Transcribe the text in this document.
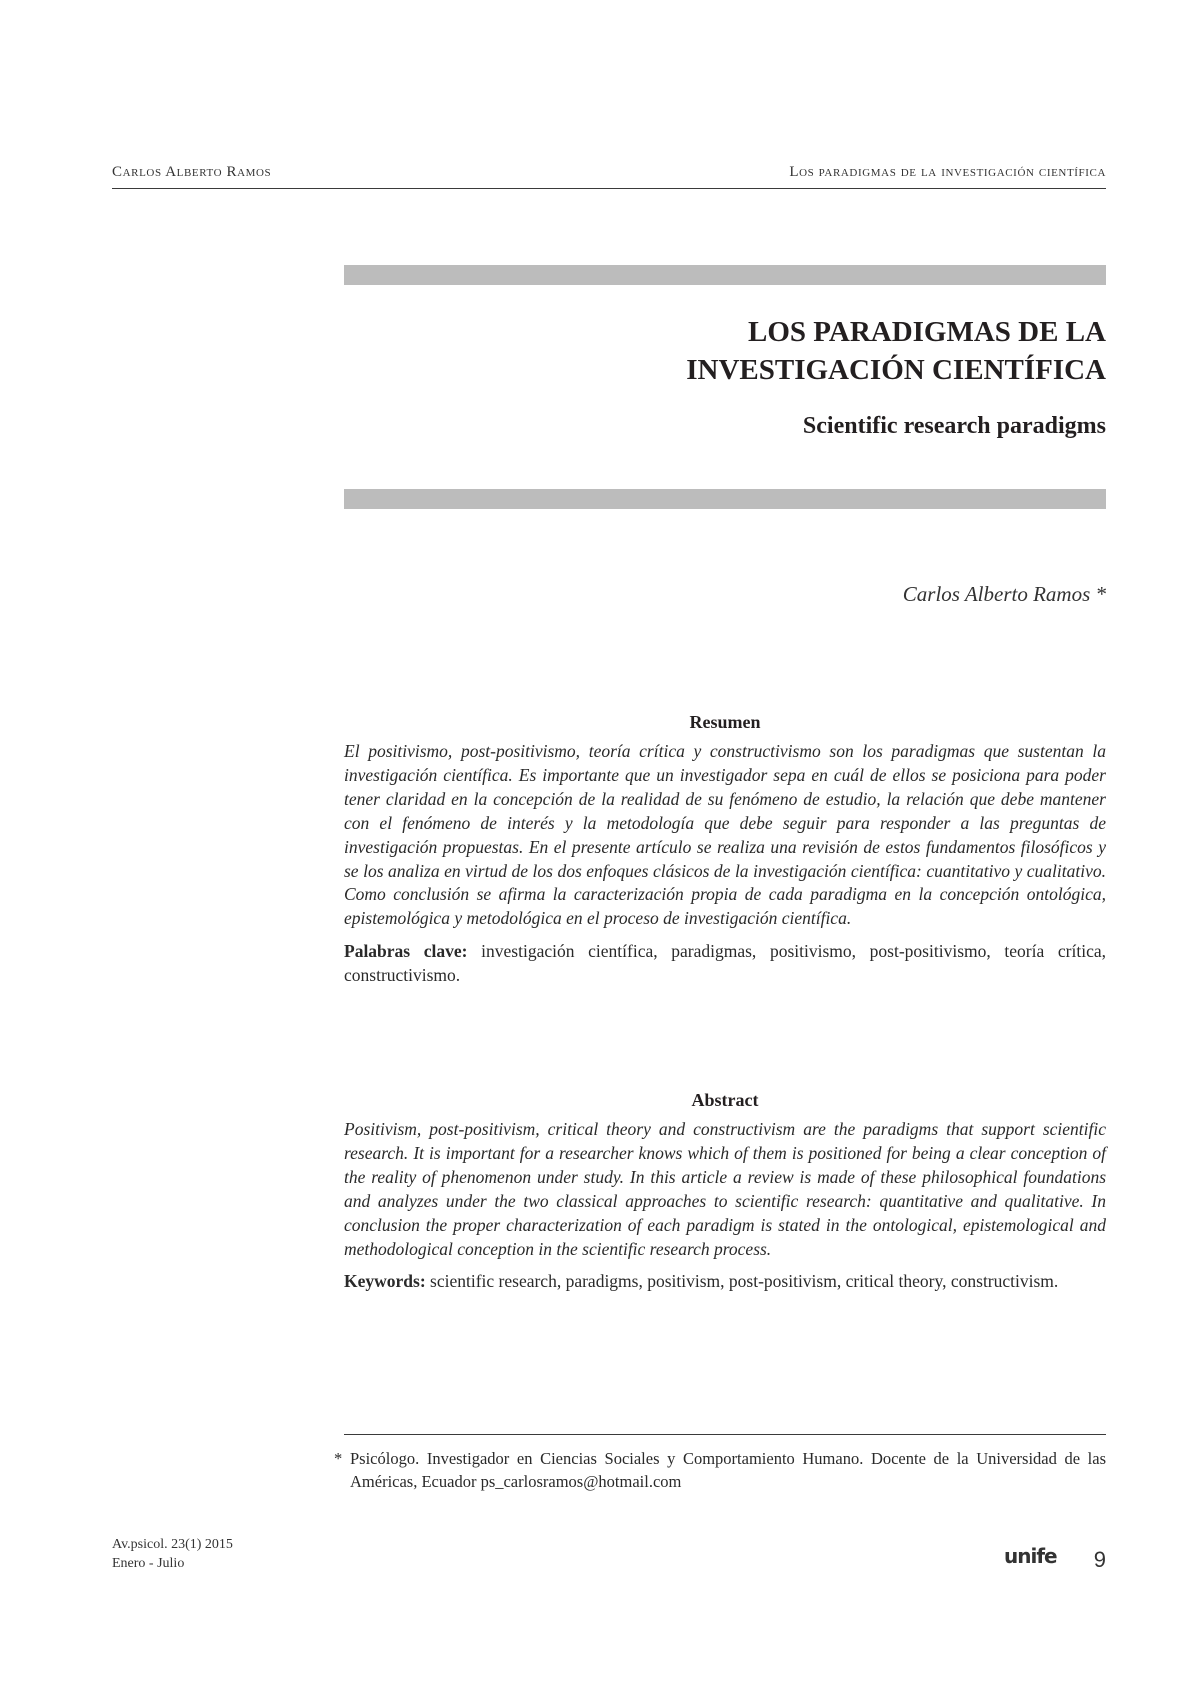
Carlos Alberto Ramos	Los paradigmas de la investigación científica
LOS PARADIGMAS DE LA
INVESTIGACIÓN CIENTÍFICA
Scientific research paradigms
Carlos Alberto Ramos *
Resumen
El positivismo, post-positivismo, teoría crítica y constructivismo son los paradigmas que sustentan la investigación científica. Es importante que un investigador sepa en cuál de ellos se posiciona para poder tener claridad en la concepción de la realidad de su fenómeno de estudio, la relación que debe mantener con el fenómeno de interés y la metodología que debe seguir para responder a las preguntas de investigación propuestas. En el presente artículo se realiza una revisión de estos fundamentos filosóficos y se los analiza en virtud de los dos enfoques clásicos de la investigación científica: cuantitativo y cualitativo. Como conclusión se afirma la caracterización propia de cada paradigma en la concepción ontológica, epistemológica y metodológica en el proceso de investigación científica.
Palabras clave: investigación científica, paradigmas, positivismo, post-positivismo, teoría crítica, constructivismo.
Abstract
Positivism, post-positivism, critical theory and constructivism are the paradigms that support scientific research. It is important for a researcher knows which of them is positioned for being a clear conception of the reality of phenomenon under study. In this article a review is made of these philosophical foundations and analyzes under the two classical approaches to scientific research: quantitative and qualitative. In conclusion the proper characterization of each paradigm is stated in the ontological, epistemological and methodological conception in the scientific research process.
Keywords: scientific research, paradigms, positivism, post-positivism, critical theory, constructivism.
* Psicólogo. Investigador en Ciencias Sociales y Comportamiento Humano. Docente de la Universidad de las Américas, Ecuador ps_carlosramos@hotmail.com
Av.psicol. 23(1) 2015
Enero - Julio	unife 9
